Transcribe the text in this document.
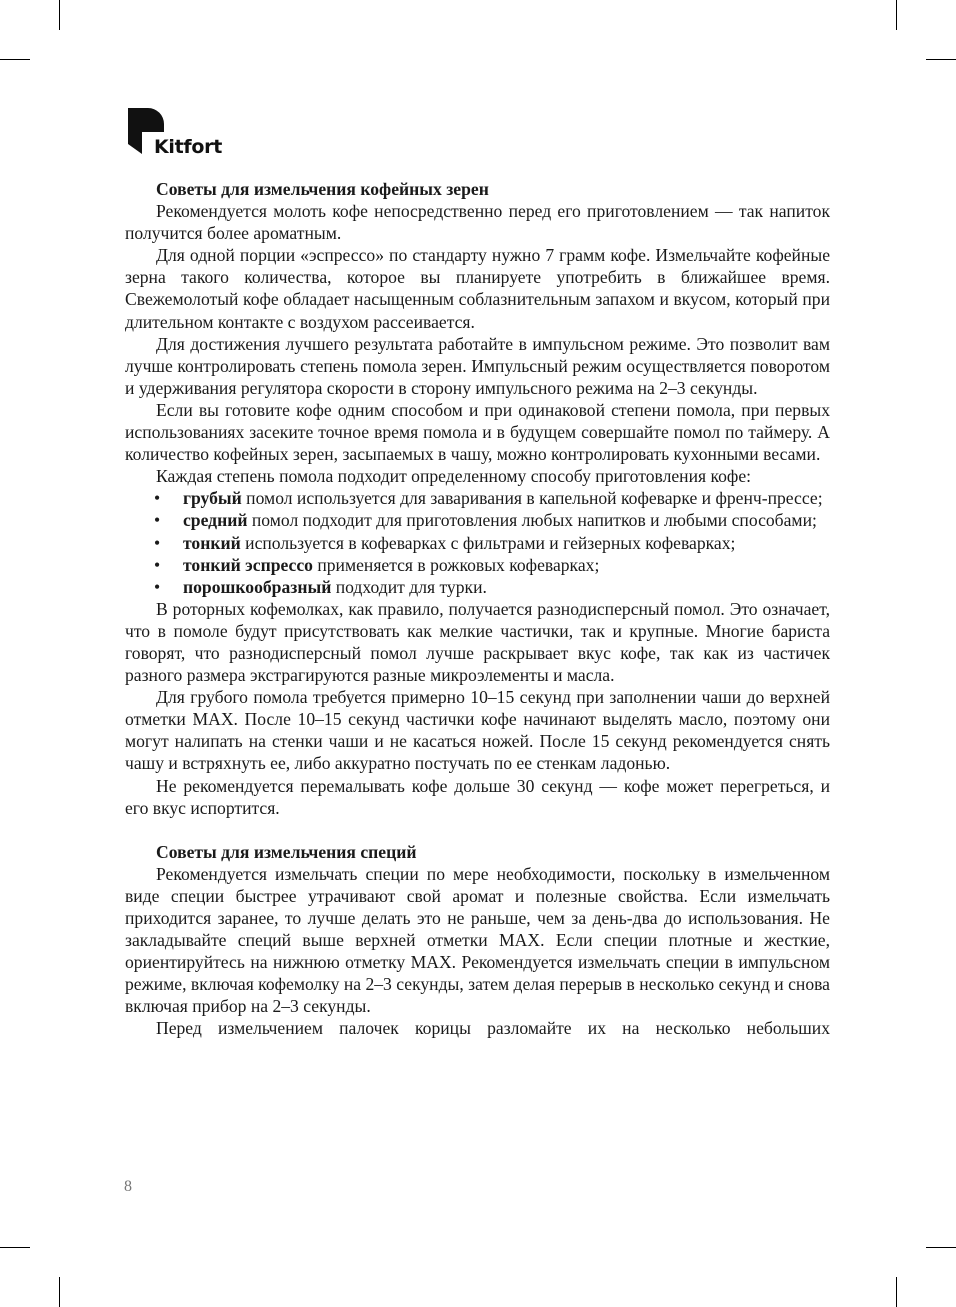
Kitfort
Советы для измельчения кофейных зерен

Рекомендуется молоть кофе непосредственно перед его приготовлением — так напиток получится более ароматным.

Для одной порции «эспрессо» по стандарту нужно 7 грамм кофе. Измельчайте кофейные зерна такого количества, которое вы планируете употребить в ближайшее время. Свежемолотый кофе обладает насыщенным соблазнительным запахом и вкусом, который при длительном контакте с воздухом рассеивается.

Для достижения лучшего результата работайте в импульсном режиме. Это позволит вам лучше контролировать степень помола зерен. Импульсный режим осуществляется поворотом и удерживания регулятора скорости в сторону импульсного режима на 2–3 секунды.

Если вы готовите кофе одним способом и при одинаковой степени помола, при первых использованиях засеките точное время помола и в будущем совершайте помол по таймеру. А количество кофейных зерен, засыпаемых в чашу, можно контролировать кухонными весами.

Каждая степень помола подходит определенному способу приготовления кофе:

• грубый помол используется для заваривания в капельной кофеварке и френч-прессе;
• средний помол подходит для приготовления любых напитков и любыми способами;
• тонкий используется в кофеварках с фильтрами и гейзерных кофеварках;
• тонкий эспрессо применяется в рожковых кофеварках;
• порошкообразный подходит для турки.

В роторных кофемолках, как правило, получается разнодисперсный помол. Это означает, что в помоле будут присутствовать как мелкие частички, так и крупные. Многие бариста говорят, что разнодисперсный помол лучше раскрывает вкус кофе, так как из частичек разного размера экстрагируются разные микроэлементы и масла.

Для грубого помола требуется примерно 10–15 секунд при заполнении чаши до верхней отметки MAX. После 10–15 секунд частички кофе начинают выделять масло, поэтому они могут налипать на стенки чаши и не касаться ножей. После 15 секунд рекомендуется снять чашу и встряхнуть ее, либо аккуратно постучать по ее стенкам ладонью.

Не рекомендуется перемалывать кофе дольше 30 секунд — кофе может перегреться, и его вкус испортится.

Советы для измельчения специй

Рекомендуется измельчать специи по мере необходимости, поскольку в измельченном виде специи быстрее утрачивают свой аромат и полезные свойства. Если измельчать приходится заранее, то лучше делать это не раньше, чем за день-два до использования. Не закладывайте специй выше верхней отметки MAX. Если специи плотные и жесткие, ориентируйтесь на нижнюю отметку MAX. Рекомендуется измельчать специи в импульсном режиме, включая кофемолку на 2–3 секунды, затем делая перерыв в несколько секунд и снова включая прибор на 2–3 секунды.

Перед измельчением палочек корицы разломайте их на несколько небольших

8
